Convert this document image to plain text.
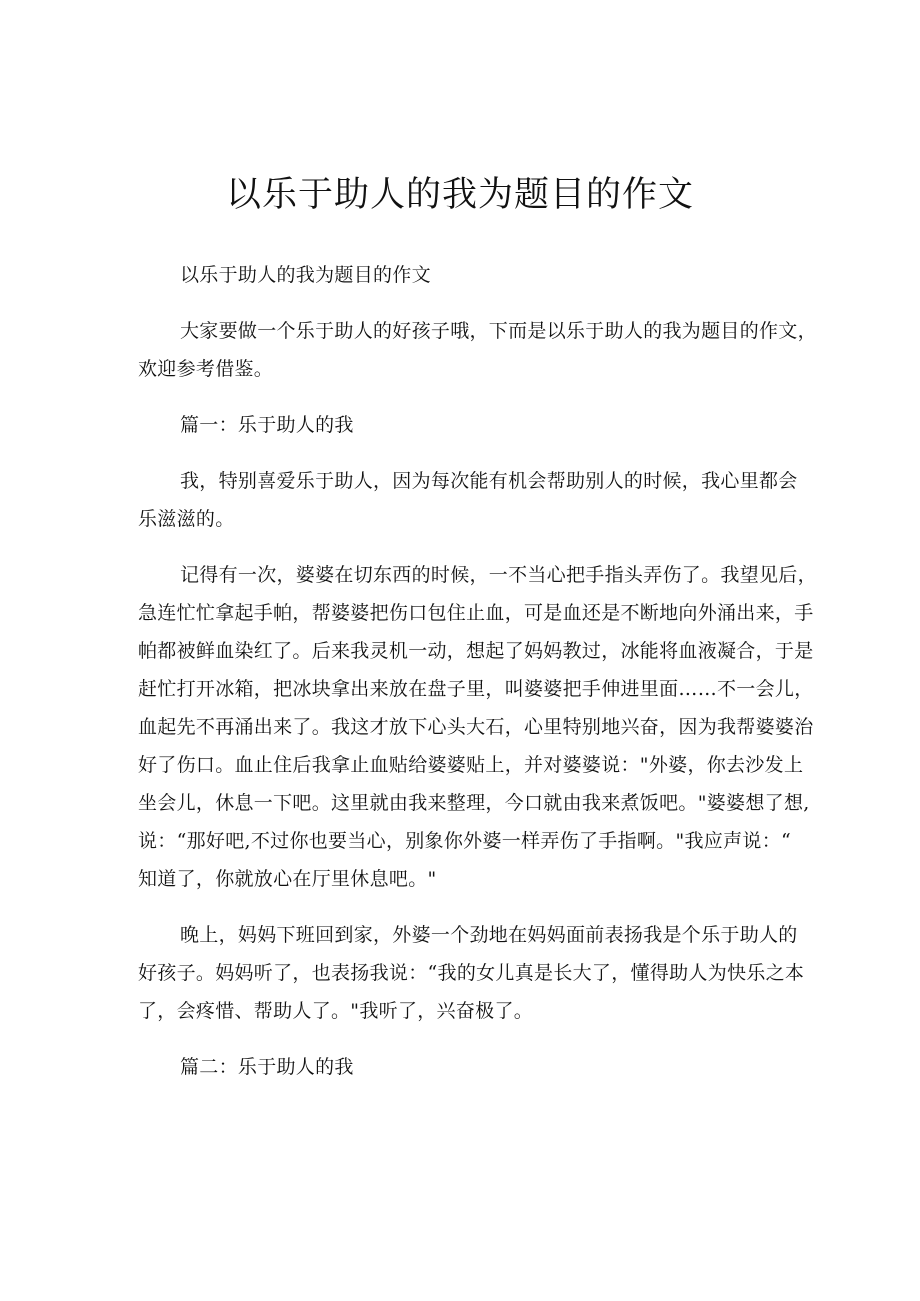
以乐于助人的我为题目的作文

以乐于助人的我为题目的作文

大家要做一个乐于助人的好孩子哦，下而是以乐于助人的我为题目的作文，
欢迎参考借鉴。

篇一：乐于助人的我

我，特别喜爱乐于助人，因为每次能有机会帮助别人的时候，我心里都会
乐滋滋的。

记得有一次，婆婆在切东西的时候，一不当心把手指头弄伤了。我望见后，
急连忙忙拿起手帕，帮婆婆把伤口包住止血，可是血还是不断地向外涌出来，手
帕都被鲜血染红了。后来我灵机一动，想起了妈妈教过，冰能将血液凝合，于是
赶忙打开冰箱，把冰块拿出来放在盘子里，叫婆婆把手伸进里面……不一会儿，
血起先不再涌出来了。我这才放下心头大石，心里特别地兴奋，因为我帮婆婆治
好了伤口。血止住后我拿止血贴给婆婆贴上，并对婆婆说："外婆，你去沙发上
坐会儿，休息一下吧。这里就由我来整理，今口就由我来煮饭吧。"婆婆想了想,
说：“那好吧,不过你也要当心，别象你外婆一样弄伤了手指啊。"我应声说：“
知道了，你就放心在厅里休息吧。"

晚上，妈妈下班回到家，外婆一个劲地在妈妈面前表扬我是个乐于助人的
好孩子。妈妈听了，也表扬我说：“我的女儿真是长大了，懂得助人为快乐之本
了，会疼惜、帮助人了。"我听了，兴奋极了。

篇二：乐于助人的我
